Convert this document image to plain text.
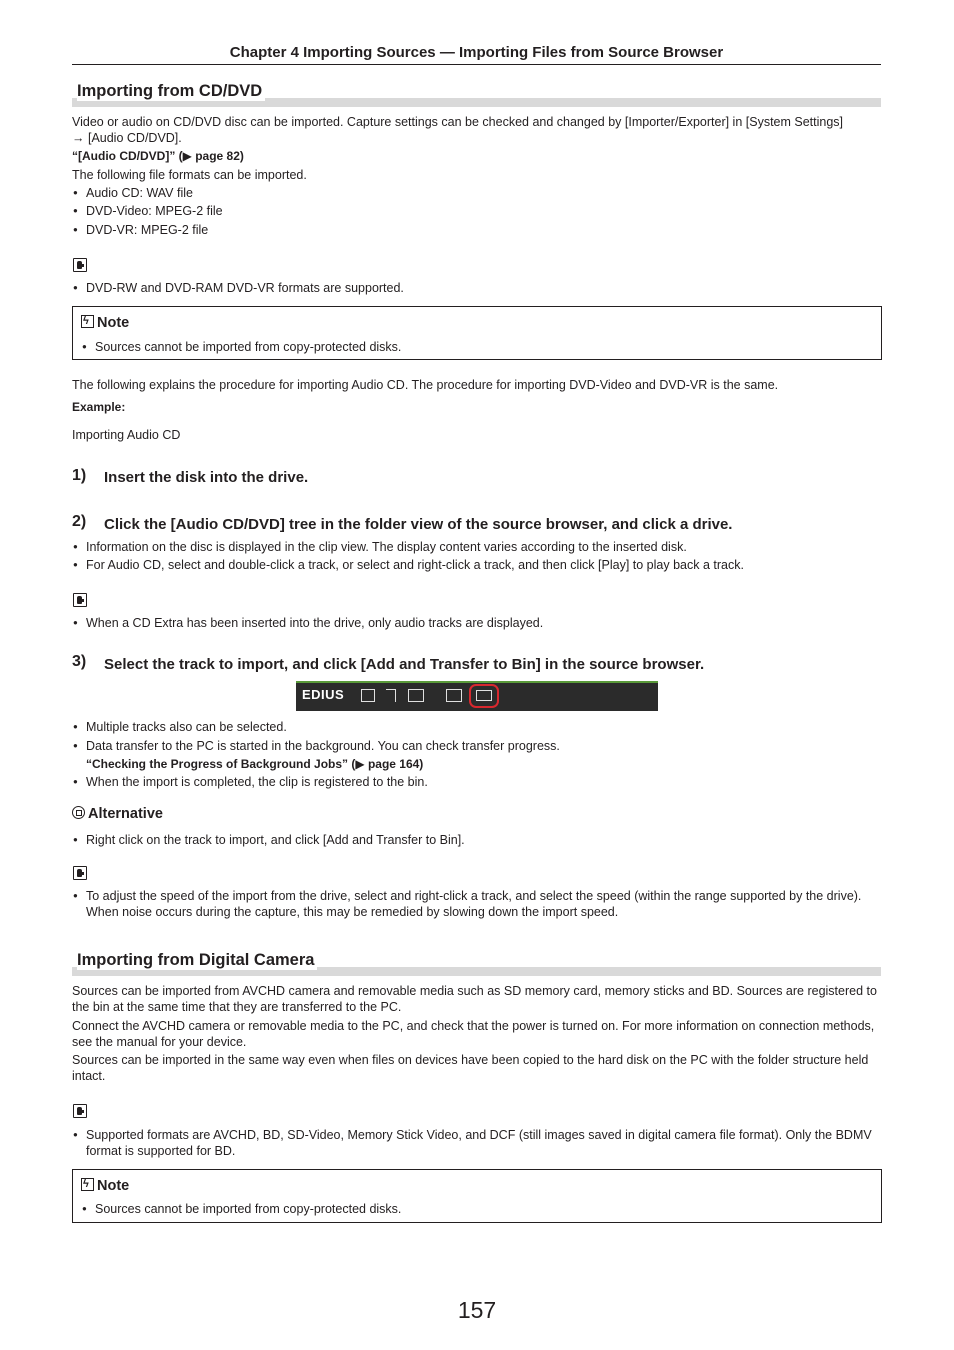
Chapter 4 Importing Sources — Importing Files from Source Browser
Importing from CD/DVD
Video or audio on CD/DVD disc can be imported. Capture settings can be checked and changed by [Importer/Exporter] in [System Settings]
→ [Audio CD/DVD].
“[Audio CD/DVD]” (▶ page 82)
The following file formats can be imported.
● Audio CD: WAV file
● DVD-Video: MPEG-2 file
● DVD-VR: MPEG-2 file
● DVD-RW and DVD-RAM DVD-VR formats are supported.
ϟNote
● Sources cannot be imported from copy-protected disks.
The following explains the procedure for importing Audio CD. The procedure for importing DVD-Video and DVD-VR is the same.
Example:
Importing Audio CD
1) Insert the disk into the drive.
2) Click the [Audio CD/DVD] tree in the folder view of the source browser, and click a drive.
● Information on the disc is displayed in the clip view. The display content varies according to the inserted disk.
● For Audio CD, select and double-click a track, or select and right-click a track, and then click [Play] to play back a track.
● When a CD Extra has been inserted into the drive, only audio tracks are displayed.
3) Select the track to import, and click [Add and Transfer to Bin] in the source browser.
EDIUS
● Multiple tracks also can be selected.
● Data transfer to the PC is started in the background. You can check transfer progress.
“Checking the Progress of Background Jobs” (▶ page 164)
● When the import is completed, the clip is registered to the bin.
Alternative
● Right click on the track to import, and click [Add and Transfer to Bin].
● To adjust the speed of the import from the drive, select and right-click a track, and select the speed (within the range supported by the drive). When noise occurs during the capture, this may be remedied by slowing down the import speed.
Importing from Digital Camera
Sources can be imported from AVCHD camera and removable media such as SD memory card, memory sticks and BD. Sources are registered to the bin at the same time that they are transferred to the PC.
Connect the AVCHD camera or removable media to the PC, and check that the power is turned on. For more information on connection methods, see the manual for your device.
Sources can be imported in the same way even when files on devices have been copied to the hard disk on the PC with the folder structure held intact.
● Supported formats are AVCHD, BD, SD-Video, Memory Stick Video, and DCF (still images saved in digital camera file format). Only the BDMV format is supported for BD.
ϟNote
● Sources cannot be imported from copy-protected disks.
157
